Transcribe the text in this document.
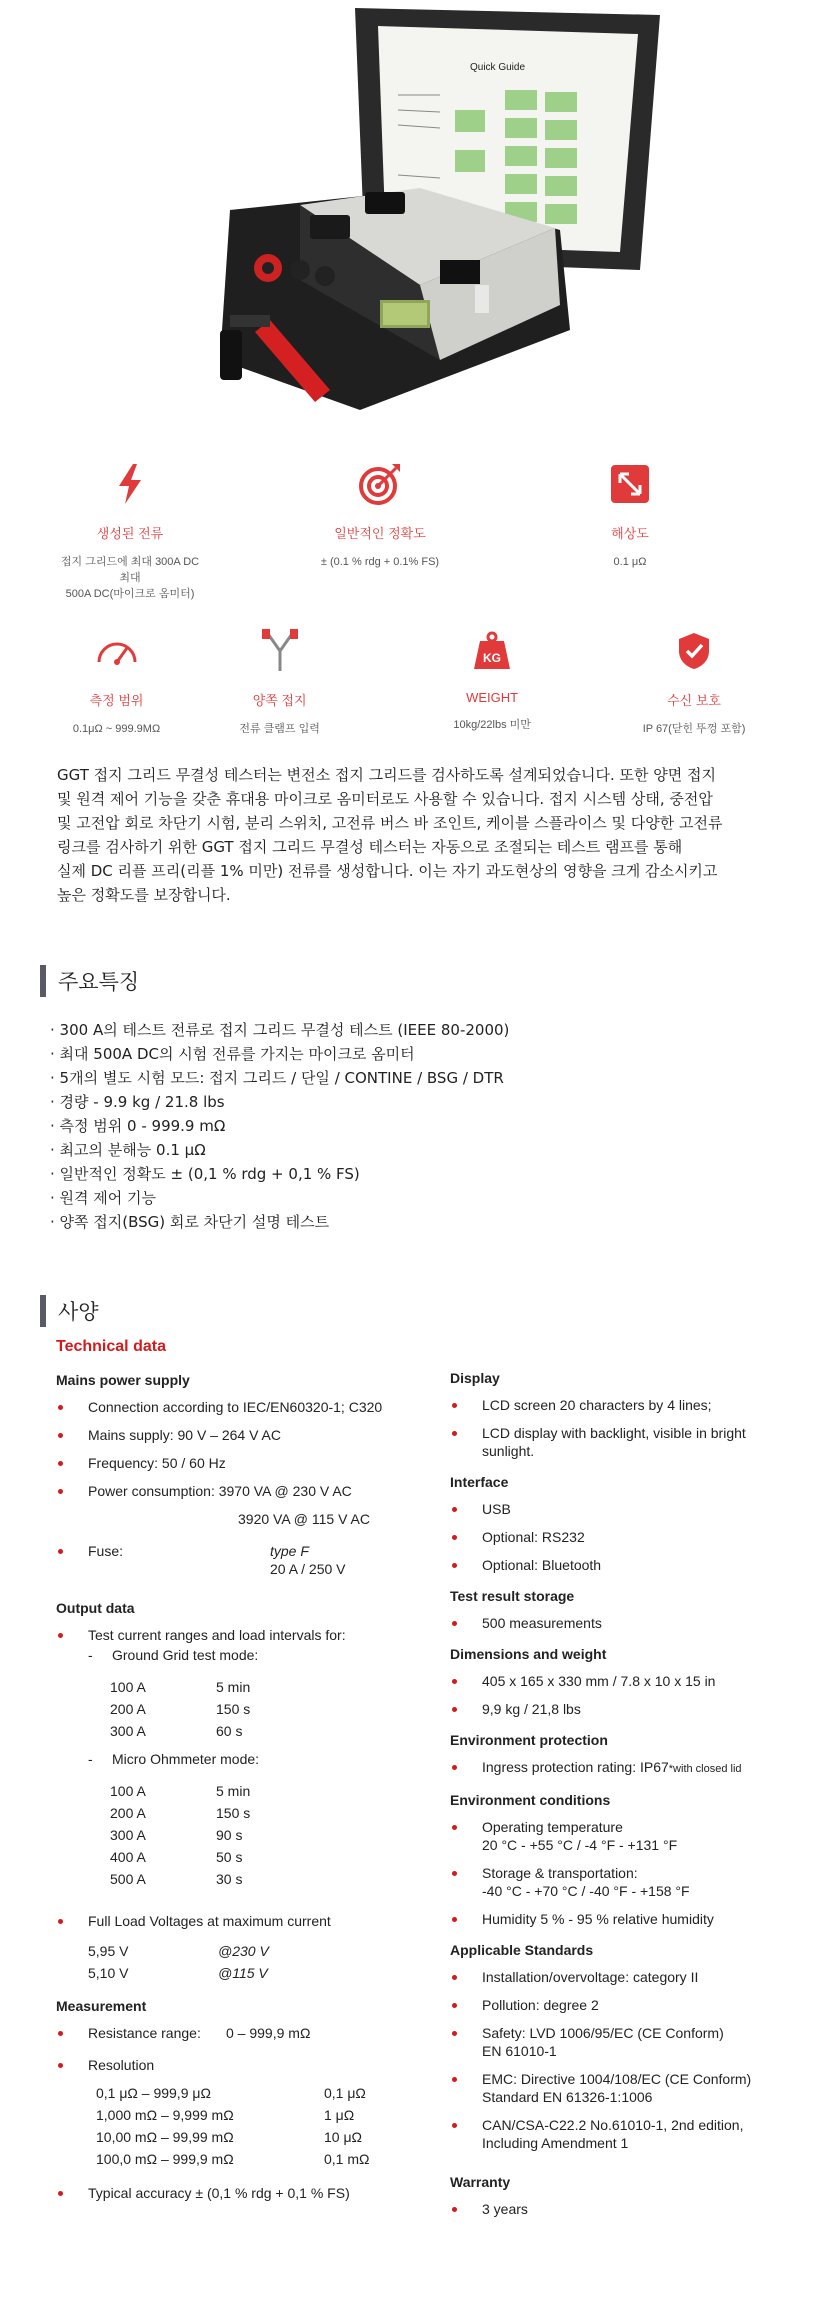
Quick Guide
생성된 전류
접지 그리드에 최대 300A DC 최대
500A DC(마이크로 옴미터)
일반적인 정확도
± (0.1 % rdg + 0.1% FS)
해상도
0.1 μΩ
측정 범위
0.1μΩ ~ 999.9MΩ
양쪽 접지
전류 클램프 입력
KG
WEIGHT
10kg/22lbs 미만
수신 보호
IP 67(닫힌 뚜껑 포함)
GGT 접지 그리드 무결성 테스터는 변전소 접지 그리드를 검사하도록 설계되었습니다. 또한 양면 접지
및 원격 제어 기능을 갖춘 휴대용 마이크로 옴미터로도 사용할 수 있습니다. 접지 시스템 상태, 중전압
및 고전압 회로 차단기 시험, 분리 스위치, 고전류 버스 바 조인트, 케이블 스플라이스 및 다양한 고전류
링크를 검사하기 위한 GGT 접지 그리드 무결성 테스터는 자동으로 조절되는 테스트 램프를 통해
실제 DC 리플 프리(리플 1% 미만) 전류를 생성합니다. 이는 자기 과도현상의 영향을 크게 감소시키고
높은 정확도를 보장합니다.
주요특징
· 300 A의 테스트 전류로 접지 그리드 무결성 테스트 (IEEE 80-2000)
· 최대 500A DC의 시험 전류를 가지는 마이크로 옴미터
· 5개의 별도 시험 모드: 접지 그리드 / 단일 / CONTINE / BSG / DTR
· 경량 - 9.9 kg / 21.8 lbs
· 측정 범위 0 - 999.9 mΩ
· 최고의 분해능 0.1 μΩ
· 일반적인 정확도 ± (0,1 % rdg + 0,1 % FS)
· 원격 제어 기능
· 양쪽 접지(BSG) 회로 차단기 설명 테스트
사양
Technical data
Mains power supply
Connection according to IEC/EN60320-1; C320
Mains supply: 90 V – 264 V AC
Frequency: 50 / 60 Hz
Power consumption: 3970 VA @ 230 V AC
3920 VA @ 115 V AC
Fuse:	type F
20 A / 250 V
Output data
Test current ranges and load intervals for:
- Ground Grid test mode:
100 A	5 min
200 A	150 s
300 A	60 s
- Micro Ohmmeter mode:
100 A	5 min
200 A	150 s
300 A	90 s
400 A	50 s
500 A	30 s
Full Load Voltages at maximum current
5,95 V	@230 V
5,10 V	@115 V
Measurement
Resistance range:	0 – 999,9 mΩ
Resolution
0,1 μΩ – 999,9 μΩ	0,1 μΩ
1,000 mΩ – 9,999 mΩ	1 μΩ
10,00 mΩ – 99,99 mΩ	10 μΩ
100,0 mΩ – 999,9 mΩ	0,1 mΩ
Typical accuracy ± (0,1 % rdg + 0,1 % FS)
Display
LCD screen 20 characters by 4 lines;
LCD display with backlight, visible in bright sunlight.
Interface
USB
Optional: RS232
Optional: Bluetooth
Test result storage
500 measurements
Dimensions and weight
405 x 165 x 330 mm / 7.8 x 10 x 15 in
9,9 kg / 21,8 lbs
Environment protection
Ingress protection rating: IP67*with closed lid
Environment conditions
Operating temperature
20 °C - +55 °C / -4 °F - +131 °F
Storage & transportation:
-40 °C - +70 °C / -40 °F - +158 °F
Humidity 5 % - 95 % relative humidity
Applicable Standards
Installation/overvoltage: category II
Pollution: degree 2
Safety: LVD 1006/95/EC (CE Conform)
EN 61010-1
EMC: Directive 1004/108/EC (CE Conform)
Standard EN 61326-1:1006
CAN/CSA-C22.2 No.61010-1, 2nd edition,
Including Amendment 1
Warranty
3 years
